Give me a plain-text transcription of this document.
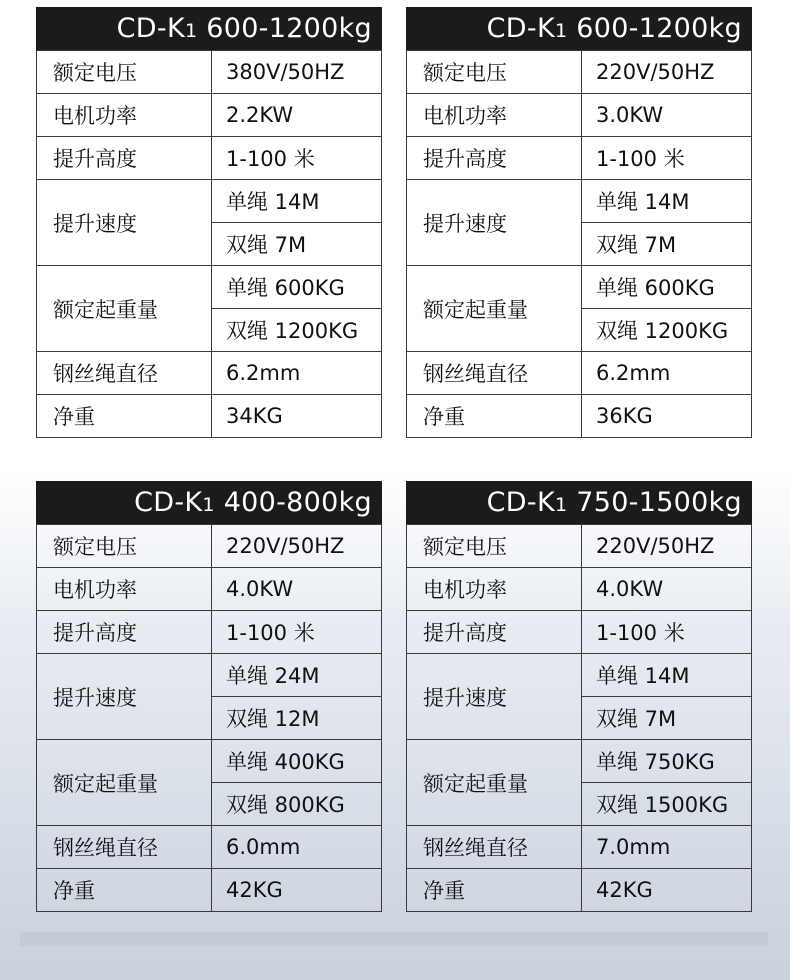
CD-K1 600-1200kg
额定电压	380V/50HZ
电机功率	2.2KW
提升高度	1-100 米
提升速度	单绳 14M
	双绳 7M
额定起重量	单绳 600KG
	双绳 1200KG
钢丝绳直径	6.2mm
净重	34KG
CD-K1 600-1200kg
额定电压	220V/50HZ
电机功率	3.0KW
提升高度	1-100 米
提升速度	单绳 14M
	双绳 7M
额定起重量	单绳 600KG
	双绳 1200KG
钢丝绳直径	6.2mm
净重	36KG
CD-K1 400-800kg
额定电压	220V/50HZ
电机功率	4.0KW
提升高度	1-100 米
提升速度	单绳 24M
	双绳 12M
额定起重量	单绳 400KG
	双绳 800KG
钢丝绳直径	6.0mm
净重	42KG
CD-K1 750-1500kg
额定电压	220V/50HZ
电机功率	4.0KW
提升高度	1-100 米
提升速度	单绳 14M
	双绳 7M
额定起重量	单绳 750KG
	双绳 1500KG
钢丝绳直径	7.0mm
净重	42KG
